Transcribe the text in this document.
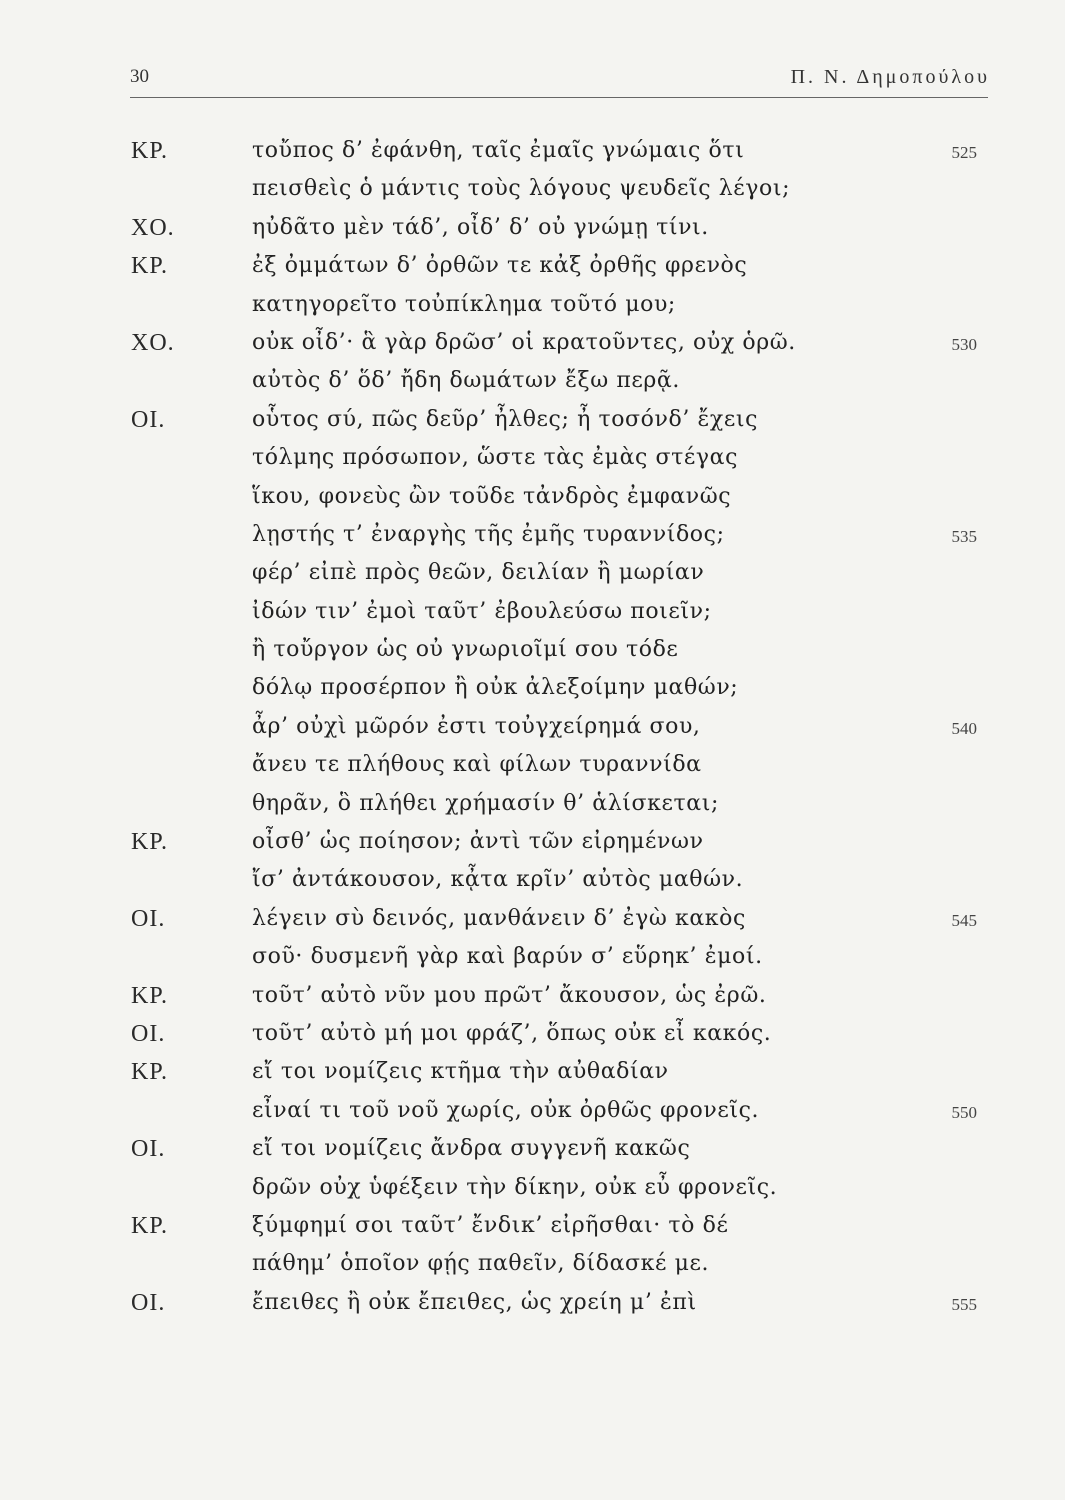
30	Π. Ν. Δημοπούλου
ΚΡ.	τοὔπος δ’ ἐφάνθη, ταῖς ἐμαῖς γνώμαις ὅτι	525
πεισθεὶς ὁ μάντις τοὺς λόγους ψευδεῖς λέγοι;
ΧΟ.	ηὐδᾶτο μὲν τάδ’, οἶδ’ δ’ οὐ γνώμῃ τίνι.
ΚΡ.	ἐξ ὀμμάτων δ’ ὀρθῶν τε κἀξ ὀρθῆς φρενὸς
κατηγορεῖτο τοὐπίκλημα τοῦτό μου;
ΧΟ.	οὐκ οἶδ’· ἃ γὰρ δρῶσ’ οἱ κρατοῦντες, οὐχ ὁρῶ.	530
αὐτὸς δ’ ὅδ’ ἤδη δωμάτων ἔξω περᾷ.
ΟΙ.	οὗτος σύ, πῶς δεῦρ’ ἦλθες; ἦ τοσόνδ’ ἔχεις
τόλμης πρόσωπον, ὥστε τὰς ἐμὰς στέγας
ἵκου, φονεὺς ὢν τοῦδε τἀνδρὸς ἐμφανῶς
λῃστής τ’ ἐναργὴς τῆς ἐμῆς τυραννίδος;	535
φέρ’ εἰπὲ πρὸς θεῶν, δειλίαν ἢ μωρίαν
ἰδών τιν’ ἐμοὶ ταῦτ’ ἐβουλεύσω ποιεῖν;
ἢ τοὔργον ὡς οὐ γνωριοῖμί σου τόδε
δόλῳ προσέρπον ἢ οὐκ ἀλεξοίμην μαθών;
ἆρ’ οὐχὶ μῶρόν ἐστι τοὐγχείρημά σου,	540
ἄνευ τε πλήθους καὶ φίλων τυραννίδα
θηρᾶν, ὃ πλήθει χρήμασίν θ’ ἁλίσκεται;
ΚΡ.	οἶσθ’ ὡς ποίησον; ἀντὶ τῶν εἰρημένων
ἴσ’ ἀντάκουσον, κᾆτα κρῖν’ αὐτὸς μαθών.
ΟΙ.	λέγειν σὺ δεινός, μανθάνειν δ’ ἐγὼ κακὸς	545
σοῦ· δυσμενῆ γὰρ καὶ βαρύν σ’ εὕρηκ’ ἐμοί.
ΚΡ.	τοῦτ’ αὐτὸ νῦν μου πρῶτ’ ἄκουσον, ὡς ἐρῶ.
ΟΙ.	τοῦτ’ αὐτὸ μή μοι φράζ’, ὅπως οὐκ εἶ κακός.
ΚΡ.	εἴ τοι νομίζεις κτῆμα τὴν αὐθαδίαν
εἶναί τι τοῦ νοῦ χωρίς, οὐκ ὀρθῶς φρονεῖς.	550
ΟΙ.	εἴ τοι νομίζεις ἄνδρα συγγενῆ κακῶς
δρῶν οὐχ ὑφέξειν τὴν δίκην, οὐκ εὖ φρονεῖς.
ΚΡ.	ξύμφημί σοι ταῦτ’ ἔνδικ’ εἰρῆσθαι· τὸ δέ
πάθημ’ ὁποῖον φῄς παθεῖν, δίδασκέ με.
ΟΙ.	ἔπειθες ἢ οὐκ ἔπειθες, ὡς χρείη μ’ ἐπὶ	555
